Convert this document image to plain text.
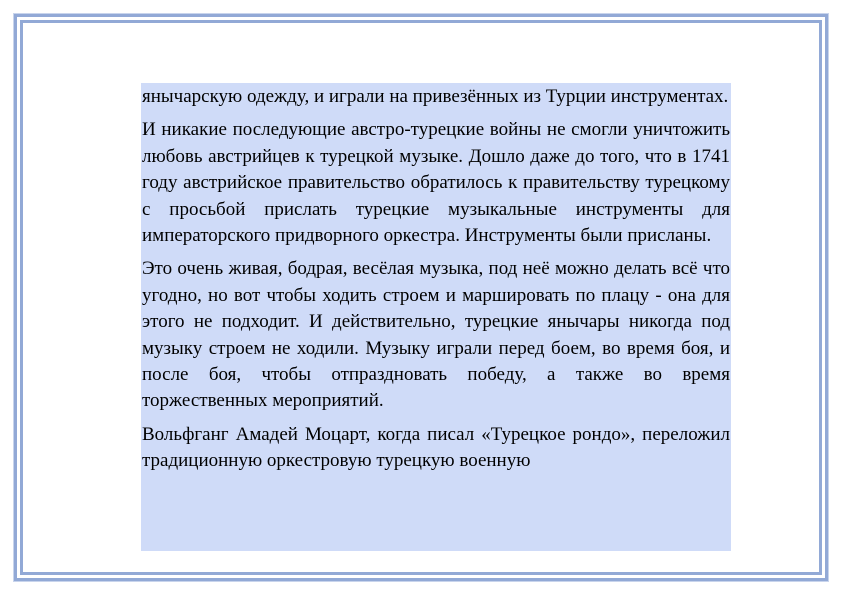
янычарскую одежду, и играли на привезённых из Турции инструментах.

И никакие последующие австро-турецкие войны не смогли уничтожить любовь австрийцев к турецкой музыке. Дошло даже до того, что в 1741 году австрийское правительство обратилось к правительству турецкому с просьбой прислать турецкие музыкальные инструменты для императорского придворного оркестра. Инструменты были присланы.

Это очень живая, бодрая, весёлая музыка, под неё можно делать всё что угодно, но вот чтобы ходить строем и маршировать по плацу - она для этого не подходит. И действительно, турецкие янычары никогда под музыку строем не ходили. Музыку играли перед боем, во время боя, и после боя, чтобы отпраздновать победу, а также во время торжественных мероприятий.

Вольфганг Амадей Моцарт, когда писал «Турецкое рондо», переложил традиционную оркестровую турецкую военную
